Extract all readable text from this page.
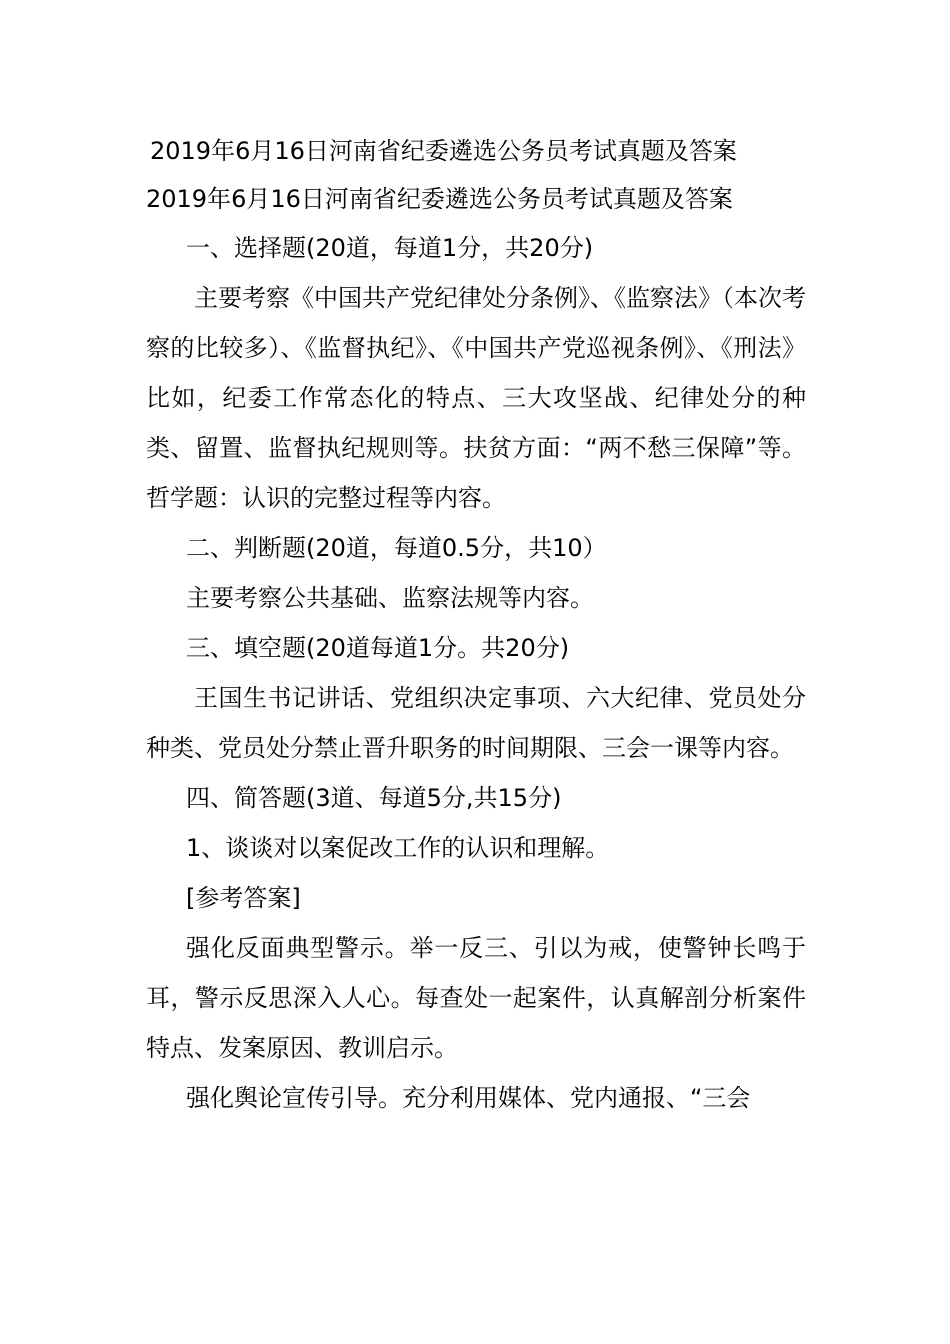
2019年6月16日河南省纪委遴选公务员考试真题及答案
2019年6月16日河南省纪委遴选公务员考试真题及答案

一、选择题(20道，每道1分，共20分)

主要考察《中国共产党纪律处分条例》、《监察法》（本次考察的比较多）、《监督执纪》、《中国共产党巡视条例》、《刑法》比如，纪委工作常态化的特点、三大攻坚战、纪律处分的种类、留置、监督执纪规则等。扶贫方面：“两不愁三保障”等。哲学题：认识的完整过程等内容。

二、判断题(20道，每道0.5分，共10）

主要考察公共基础、监察法规等内容。

三、填空题(20道每道1分。共20分)

王国生书记讲话、党组织决定事项、六大纪律、党员处分种类、党员处分禁止晋升职务的时间期限、三会一课等内容。

四、简答题(3道、每道5分,共15分)

1、谈谈对以案促改工作的认识和理解。

[参考答案]

强化反面典型警示。举一反三、引以为戒，使警钟长鸣于耳，警示反思深入人心。每查处一起案件，认真解剖分析案件特点、发案原因、教训启示。

强化舆论宣传引导。充分利用媒体、党内通报、“三会
